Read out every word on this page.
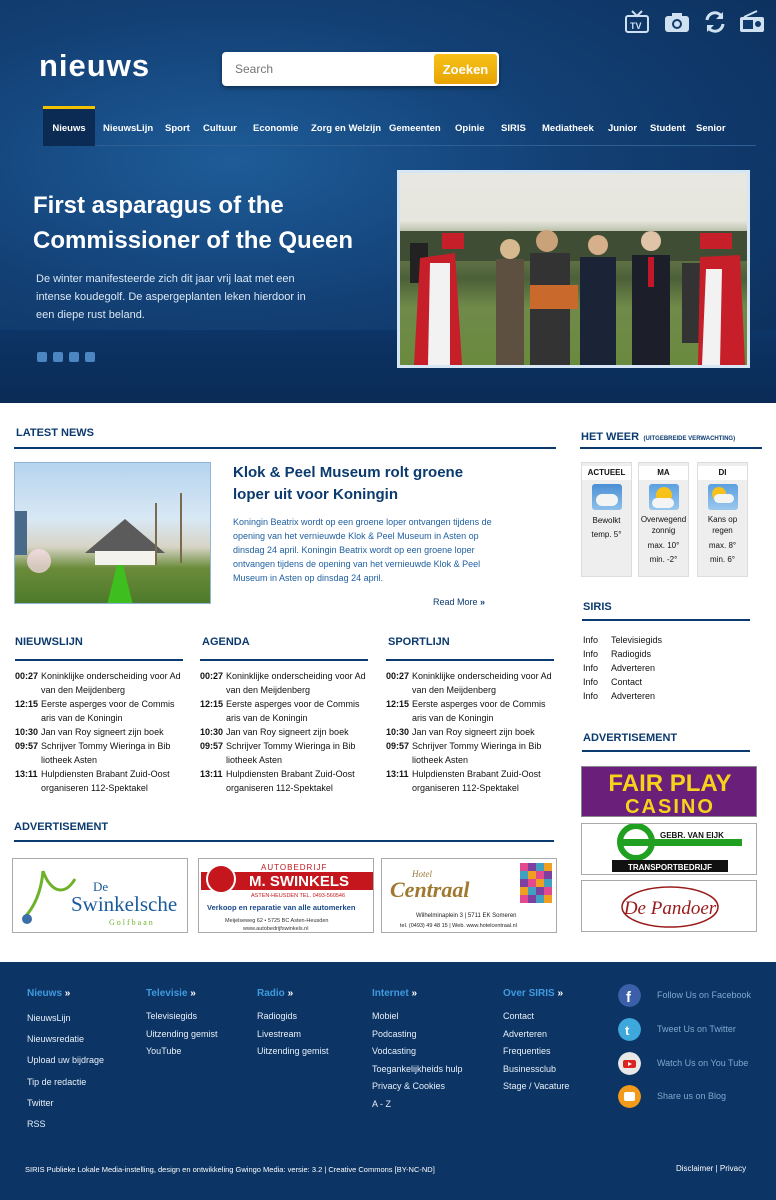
TV
nieuws
Search	Zoeken
Nieuws	NieuwsLijn Sport Cultuur Economie Zorg en Welzijn Gemeenten Opinie SIRIS Mediatheek Junior Student Senior
First asparagus of the Commissioner of the Queen
De winter manifesteerde zich dit jaar vrij laat met een intense koudegolf. De aspergeplanten leken hierdoor in een diepe rust beland.
LATEST NEWS
Klok & Peel Museum rolt groene loper uit voor Koningin
Koningin Beatrix wordt op een groene loper ontvangen tijdens de opening van het vernieuwde Klok & Peel Museum in Asten op dinsdag 24 april. Koningin Beatrix wordt op een groene loper ontvangen tijdens de opening van het vernieuwde Klok & Peel Museum in Asten op dinsdag 24 april.
Read More »
NIEUWSLIJN
00:27 Koninklijke onderscheiding voor Ad van den Meijdenberg
12:15 Eerste asperges voor de Commis aris van de Koningin
10:30 Jan van Roy signeert zijn boek
09:57 Schrijver Tommy Wieringa in Bib liotheek Asten
13:11 Hulpdiensten Brabant Zuid-Oost organiseren 112-Spektakel
AGENDA
00:27 Koninklijke onderscheiding voor Ad van den Meijdenberg
12:15 Eerste asperges voor de Commis aris van de Koningin
10:30 Jan van Roy signeert zijn boek
09:57 Schrijver Tommy Wieringa in Bib liotheek Asten
13:11 Hulpdiensten Brabant Zuid-Oost organiseren 112-Spektakel
SPORTLIJN
00:27 Koninklijke onderscheiding voor Ad van den Meijdenberg
12:15 Eerste asperges voor de Commis aris van de Koningin
10:30 Jan van Roy signeert zijn boek
09:57 Schrijver Tommy Wieringa in Bib liotheek Asten
13:11 Hulpdiensten Brabant Zuid-Oost organiseren 112-Spektakel
ADVERTISEMENT
De
Swinkelsche
Golfbaan
AUTOBEDRIJF
M. SWINKELS
ASTEN-HEUSDEN TEL. 0493-560546
Verkoop en reparatie van alle automerken
Meijelseweg 62 • 5725 BC Asten-Heusden
www.autobedrijfswinkels.nl
Hotel
Centraal
Wilhelminaplein 3 | 5711 EK Someren
tel. (0493) 49 48 15 | Web. www.hotelcentraal.nl
HET WEER (UITGEBREIDE VERWACHTING)
ACTUEEL
Bewolkt
temp. 5°
MA
Overwegend zonnig
max. 10°
min. -2°
DI
Kans op regen
max. 8°
min. 6°
SIRIS
Info	Televisiegids
Info	Radiogids
Info	Adverteren
Info	Contact
Info	Adverteren
ADVERTISEMENT
FAIR PLAY
CASINO
GEBR. VAN EIJK
TRANSPORTBEDRIJF
De Pandoer
Nieuws »	Televisie »	Radio »	Internet »	Over SIRIS »
NieuwsLijn
Nieuwsredatie
Upload uw bijdrage
Tip de redactie
Twitter
RSS
Televisiegids
Uitzending gemist
YouTube
Radiogids
Livestream
Uitzending gemist
Mobiel
Podcasting
Vodcasting
Toegankelijkheids hulp
Privacy & Cookies
A - Z
Contact
Adverteren
Frequenties
Businessclub
Stage / Vacature
f	Follow Us on Facebook
t	Tweet Us on Twitter
Watch Us on You Tube
Share us on Blog
SIRIS Publieke Lokale Media-instelling, design en ontwikkeling Gwingo Media: versie: 3.2 | Creative Commons [BY-NC-ND]	Disclaimer | Privacy
